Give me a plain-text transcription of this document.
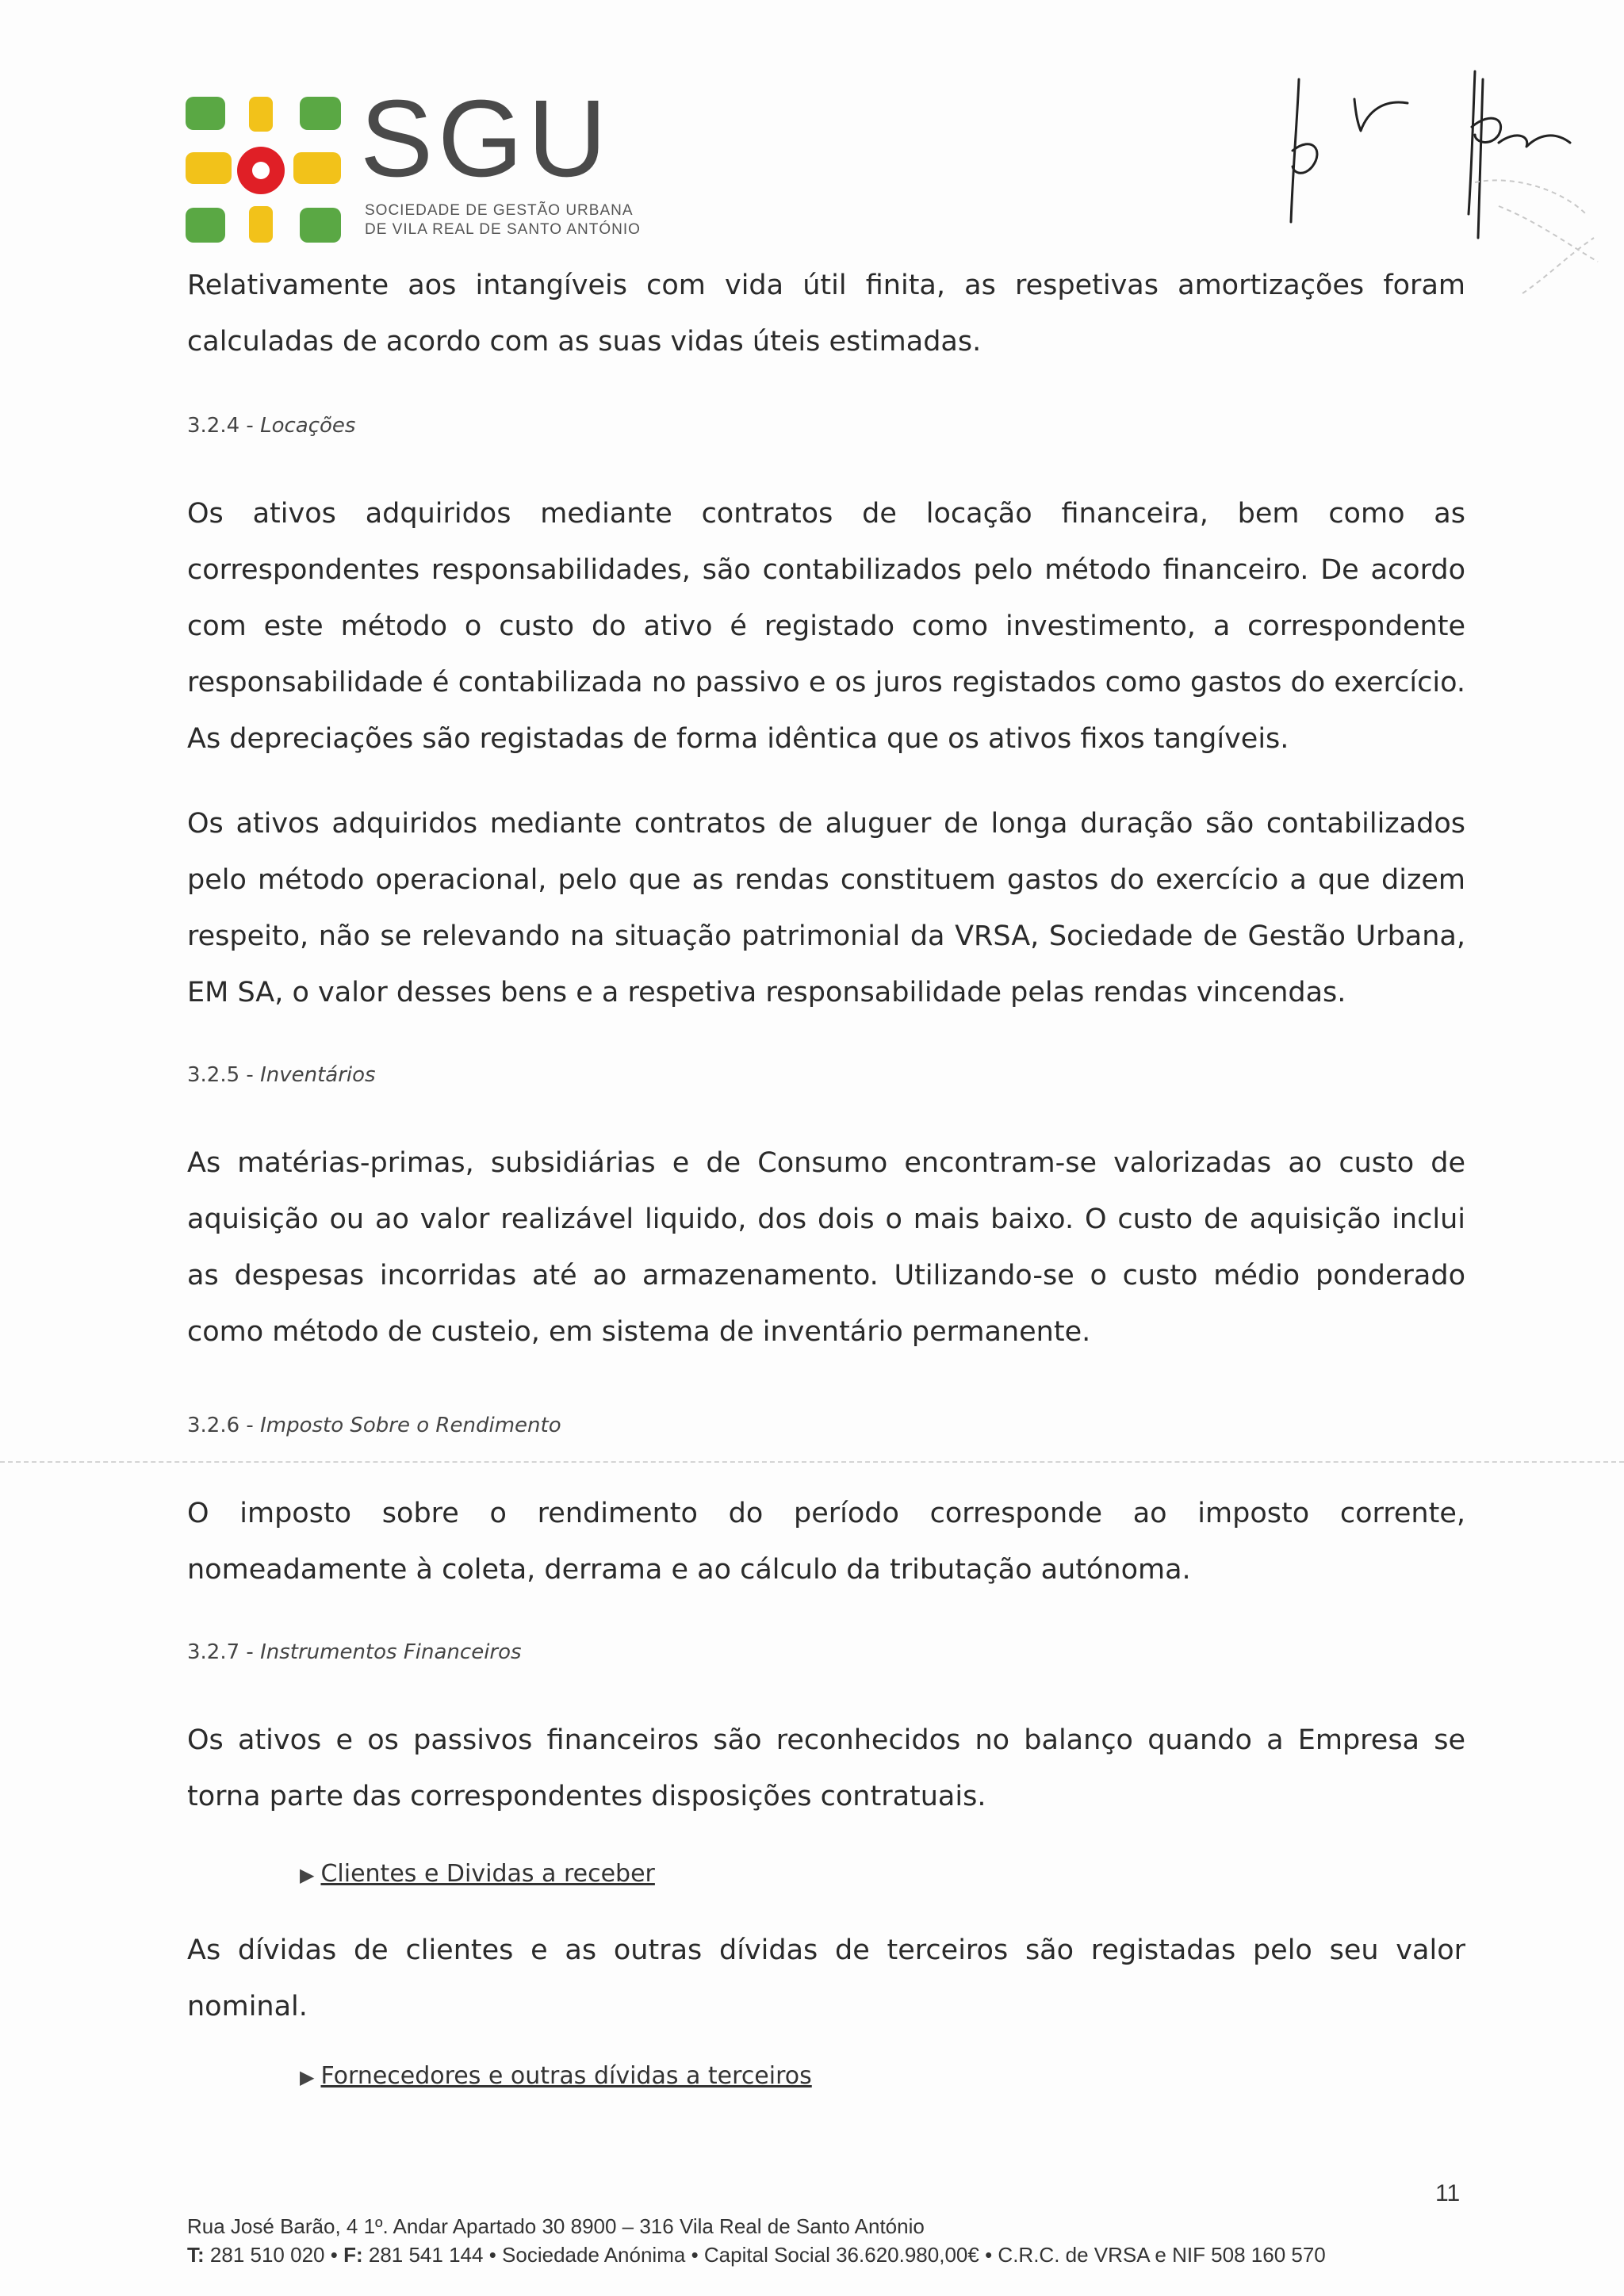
SGU
SOCIEDADE DE GESTÃO URBANA
DE VILA REAL DE SANTO ANTÓNIO

Relativamente aos intangíveis com vida útil finita, as respetivas amortizações foram calculadas de acordo com as suas vidas úteis estimadas.

3.2.4 - Locações

Os ativos adquiridos mediante contratos de locação financeira, bem como as correspondentes responsabilidades, são contabilizados pelo método financeiro. De acordo com este método o custo do ativo é registado como investimento, a correspondente responsabilidade é contabilizada no passivo e os juros registados como gastos do exercício. As depreciações são registadas de forma idêntica que os ativos fixos tangíveis.

Os ativos adquiridos mediante contratos de aluguer de longa duração são contabilizados pelo método operacional, pelo que as rendas constituem gastos do exercício a que dizem respeito, não se relevando na situação patrimonial da VRSA, Sociedade de Gestão Urbana, EM SA, o valor desses bens e a respetiva responsabilidade pelas rendas vincendas.

3.2.5 - Inventários

As matérias-primas, subsidiárias e de Consumo encontram-se valorizadas ao custo de aquisição ou ao valor realizável liquido, dos dois o mais baixo. O custo de aquisição inclui as despesas incorridas até ao armazenamento. Utilizando-se o custo médio ponderado como método de custeio, em sistema de inventário permanente.

3.2.6 - Imposto Sobre o Rendimento

O imposto sobre o rendimento do período corresponde ao imposto corrente, nomeadamente à coleta, derrama e ao cálculo da tributação autónoma.

3.2.7 - Instrumentos Financeiros

Os ativos e os passivos financeiros são reconhecidos no balanço quando a Empresa se torna parte das correspondentes disposições contratuais.

▶ Clientes e Dividas a receber

As dívidas de clientes e as outras dívidas de terceiros são registadas pelo seu valor nominal.

▶ Fornecedores e outras dívidas a terceiros

11
Rua José Barão, 4 1º. Andar Apartado 30 8900 – 316 Vila Real de Santo António
T: 281 510 020 • F: 281 541 144 • Sociedade Anónima • Capital Social 36.620.980,00€ • C.R.C. de VRSA e NIF 508 160 570
